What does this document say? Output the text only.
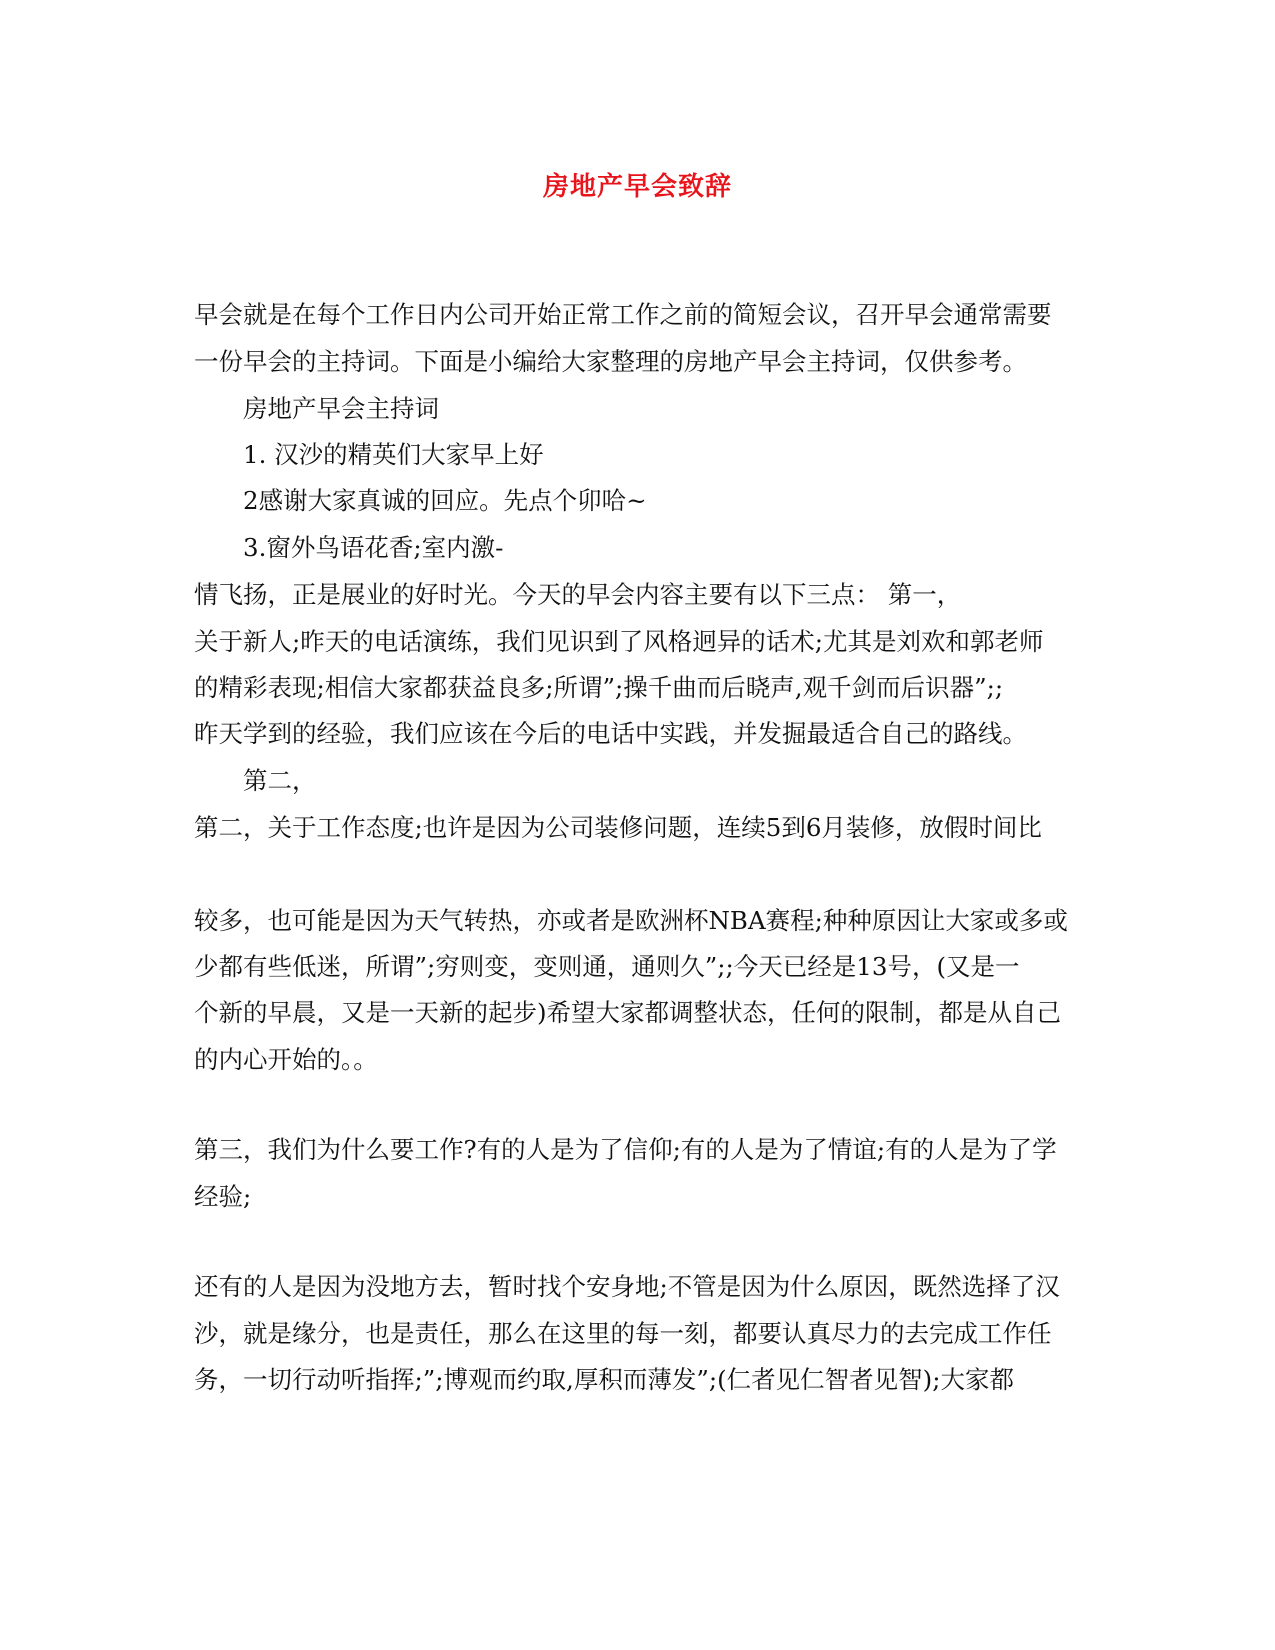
房地产早会致辞
早会就是在每个工作日内公司开始正常工作之前的简短会议，召开早会通常需要
一份早会的主持词。下面是小编给大家整理的房地产早会主持词，仅供参考。
房地产早会主持词
1. 汉沙的精英们大家早上好
2感谢大家真诚的回应。先点个卯哈~
3.窗外鸟语花香;室内激-
情飞扬，正是展业的好时光。今天的早会内容主要有以下三点： 第一，
关于新人;昨天的电话演练，我们见识到了风格迥异的话术;尤其是刘欢和郭老师
的精彩表现;相信大家都获益良多;所谓”;操千曲而后晓声,观千剑而后识器”;;
昨天学到的经验，我们应该在今后的电话中实践，并发掘最适合自己的路线。
第二，
第二，关于工作态度;也许是因为公司装修问题，连续5到6月装修，放假时间比
较多，也可能是因为天气转热，亦或者是欧洲杯NBA赛程;种种原因让大家或多或
少都有些低迷，所谓”;穷则变，变则通，通则久”;;今天已经是13号，(又是一
个新的早晨，又是一天新的起步)希望大家都调整状态，任何的限制，都是从自己
的内心开始的。。
第三，我们为什么要工作?有的人是为了信仰;有的人是为了情谊;有的人是为了学
经验;
还有的人是因为没地方去，暂时找个安身地;不管是因为什么原因，既然选择了汉
沙，就是缘分，也是责任，那么在这里的每一刻，都要认真尽力的去完成工作任
务，一切行动听指挥;”;博观而约取,厚积而薄发”;(仁者见仁智者见智);大家都
